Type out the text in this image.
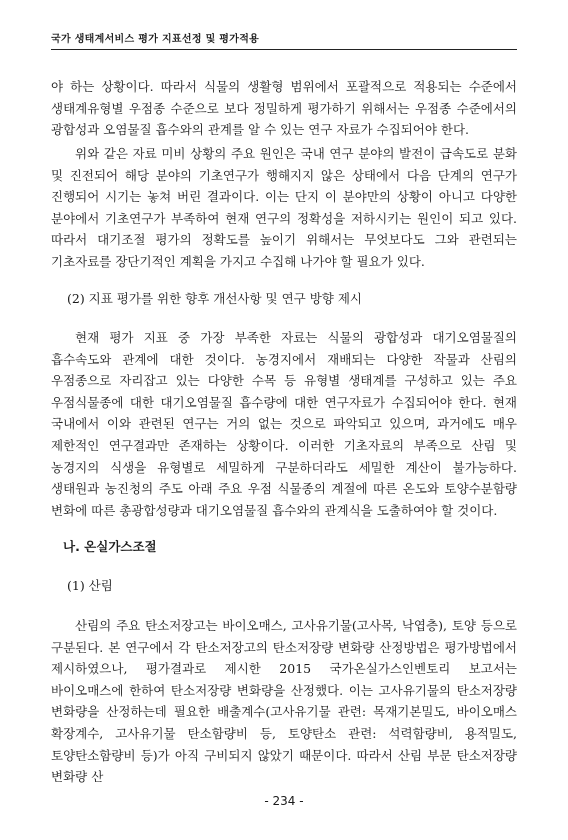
국가 생태계서비스 평가 지표선정 및 평가적용

야 하는 상황이다. 따라서 식물의 생활형 범위에서 포괄적으로 적용되는 수준에서 생태계유형별 우점종 수준으로 보다 정밀하게 평가하기 위해서는 우점종 수준에서의 광합성과 오염물질 흡수와의 관계를 알 수 있는 연구 자료가 수집되어야 한다.

위와 같은 자료 미비 상황의 주요 원인은 국내 연구 분야의 발전이 급속도로 분화 및 진전되어 해당 분야의 기초연구가 행해지지 않은 상태에서 다음 단계의 연구가 진행되어 시기는 놓쳐 버린 결과이다. 이는 단지 이 분야만의 상황이 아니고 다양한 분야에서 기초연구가 부족하여 현재 연구의 정확성을 저하시키는 원인이 되고 있다. 따라서 대기조절 평가의 정확도를 높이기 위해서는 무엇보다도 그와 관련되는 기초자료를 장단기적인 계획을 가지고 수집해 나가야 할 필요가 있다.

(2) 지표 평가를 위한 향후 개선사항 및 연구 방향 제시

현재 평가 지표 중 가장 부족한 자료는 식물의 광합성과 대기오염물질의 흡수속도와 관계에 대한 것이다. 농경지에서 재배되는 다양한 작물과 산림의 우점종으로 자리잡고 있는 다양한 수목 등 유형별 생태계를 구성하고 있는 주요 우점식물종에 대한 대기오염물질 흡수량에 대한 연구자료가 수집되어야 한다. 현재 국내에서 이와 관련된 연구는 거의 없는 것으로 파악되고 있으며, 과거에도 매우 제한적인 연구결과만 존재하는 상황이다. 이러한 기초자료의 부족으로 산림 및 농경지의 식생을 유형별로 세밀하게 구분하더라도 세밀한 계산이 불가능하다. 생태원과 농진청의 주도 아래 주요 우점 식물종의 계절에 따른 온도와 토양수분함량 변화에 따른 총광합성량과 대기오염물질 흡수와의 관계식을 도출하여야 할 것이다.

나. 온실가스조절
(1) 산림

산림의 주요 탄소저장고는 바이오매스, 고사유기물(고사목, 낙엽층), 토양 등으로 구분된다. 본 연구에서 각 탄소저장고의 탄소저장량 변화량 산정방법은 평가방법에서 제시하였으나, 평가결과로 제시한 2015 국가온실가스인벤토리 보고서는 바이오매스에 한하여 탄소저장량 변화량을 산정했다. 이는 고사유기물의 탄소저장량 변화량을 산정하는데 필요한 배출계수(고사유기물 관련: 목재기본밀도, 바이오매스 확장계수, 고사유기물 탄소함량비 등, 토양탄소 관련: 석력함량비, 용적밀도, 토양탄소함량비 등)가 아직 구비되지 않았기 때문이다. 따라서 산림 부문 탄소저장량 변화량 산

- 234 -
